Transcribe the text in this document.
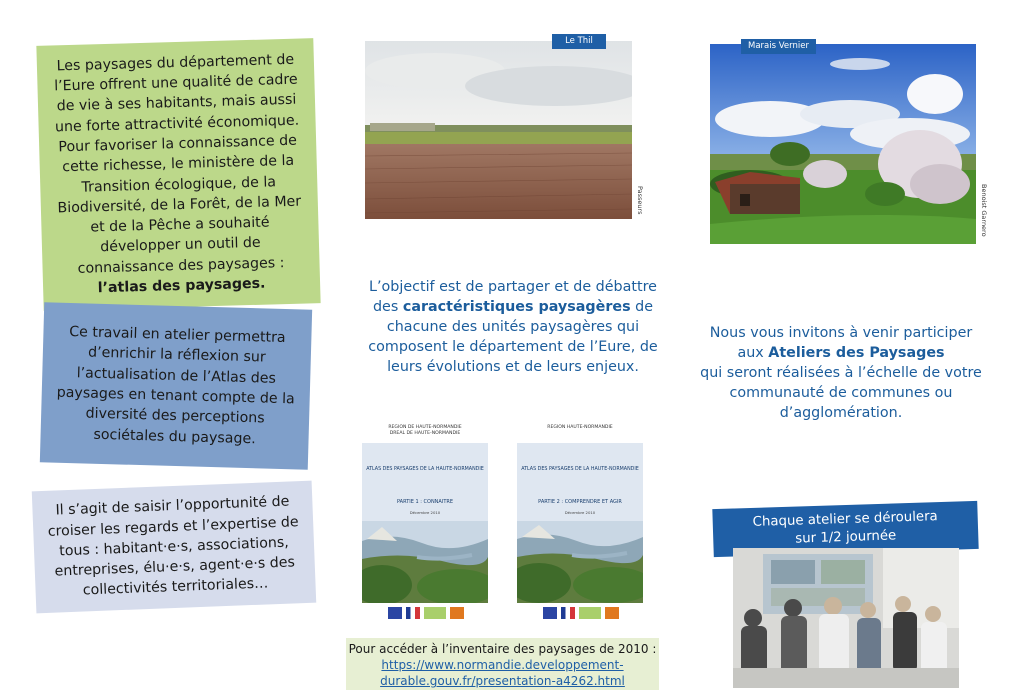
Les paysages du département de l’Eure offrent une qualité de cadre de vie à ses habitants, mais aussi une forte attractivité économique. Pour favoriser la connaissance de cette richesse, le ministère de la Transition écologique, de la Biodiversité, de la Forêt, de la Mer et de la Pêche a souhaité développer un outil de connaissance des paysages :
l’atlas des paysages.

Ce travail en atelier permettra d’enrichir la réflexion sur l’actualisation de l’Atlas des paysages en tenant compte de la diversité des perceptions sociétales du paysage.

Il s’agit de saisir l’opportunité de croiser les regards et l’expertise de tous : habitant·e·s, associations, entreprises, élu·e·s, agent·e·s des collectivités territoriales…

Le Thil
Passeurs
L’objectif est de partager et de débattre des caractéristiques paysagères de chacune des unités paysagères qui composent le département de l’Eure, de leurs évolutions et de leurs enjeux.
REGION DE HAUTE-NORMANDIE
DREAL DE HAUTE-NORMANDIE
ATLAS DES PAYSAGES DE LA HAUTE-NORMANDIE
PARTIE 1 : CONNAITRE
Décembre 2010
REGION HAUTE-NORMANDIE

ATLAS DES PAYSAGES DE LA HAUTE-NORMANDIE
PARTIE 2 : COMPRENDRE ET AGIR
Décembre 2010
Pour accéder à l’inventaire des paysages de 2010 :
https://www.normandie.developpement-durable.gouv.fr/presentation-a4262.html
Marais Vernier
Benoist Garnero
Nous vous invitons à venir participer aux Ateliers des Paysages
qui seront réalisées à l’échelle de votre communauté de communes ou d’agglomération.
Chaque atelier se déroulera
sur 1/2 journée
